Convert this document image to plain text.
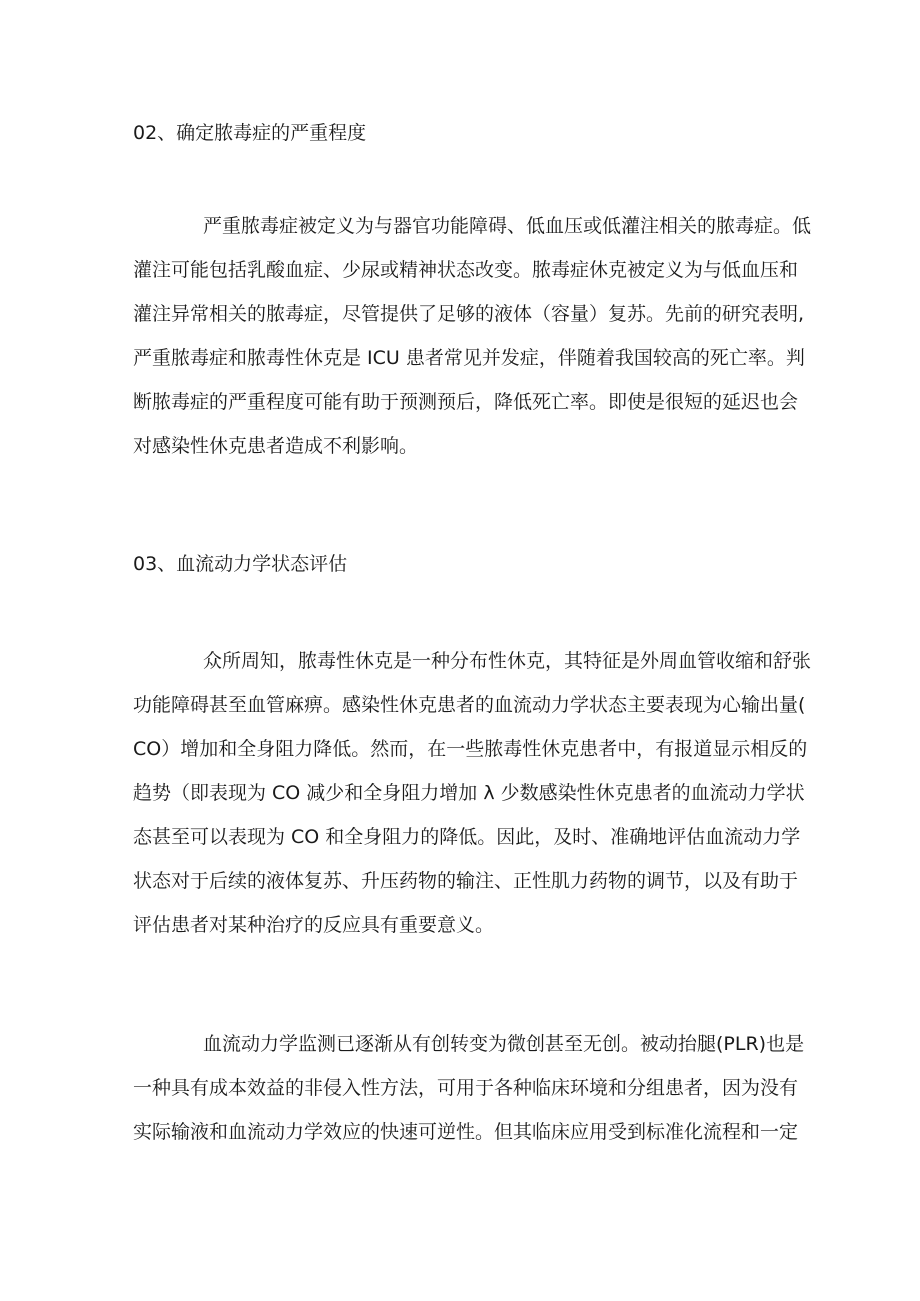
02、确定脓毒症的严重程度
严重脓毒症被定义为与器官功能障碍、低血压或低灌注相关的脓毒症。低
灌注可能包括乳酸血症、少尿或精神状态改变。脓毒症休克被定义为与低血压和
灌注异常相关的脓毒症，尽管提供了足够的液体（容量）复苏。先前的研究表明,
严重脓毒症和脓毒性休克是 ICU 患者常见并发症，伴随着我国较高的死亡率。判
断脓毒症的严重程度可能有助于预测预后，降低死亡率。即使是很短的延迟也会
对感染性休克患者造成不利影响。
03、血流动力学状态评估
众所周知，脓毒性休克是一种分布性休克，其特征是外周血管收缩和舒张
功能障碍甚至血管麻痹。感染性休克患者的血流动力学状态主要表现为心输出量(
CO）增加和全身阻力降低。然而，在一些脓毒性休克患者中，有报道显示相反的
趋势（即表现为 CO 减少和全身阻力增加 λ 少数感染性休克患者的血流动力学状
态甚至可以表现为 CO 和全身阻力的降低。因此，及时、准确地评估血流动力学
状态对于后续的液体复苏、升压药物的输注、正性肌力药物的调节，以及有助于
评估患者对某种治疗的反应具有重要意义。
血流动力学监测已逐渐从有创转变为微创甚至无创。被动抬腿(PLR)也是
一种具有成本效益的非侵入性方法，可用于各种临床环境和分组患者，因为没有
实际输液和血流动力学效应的快速可逆性。但其临床应用受到标准化流程和一定
